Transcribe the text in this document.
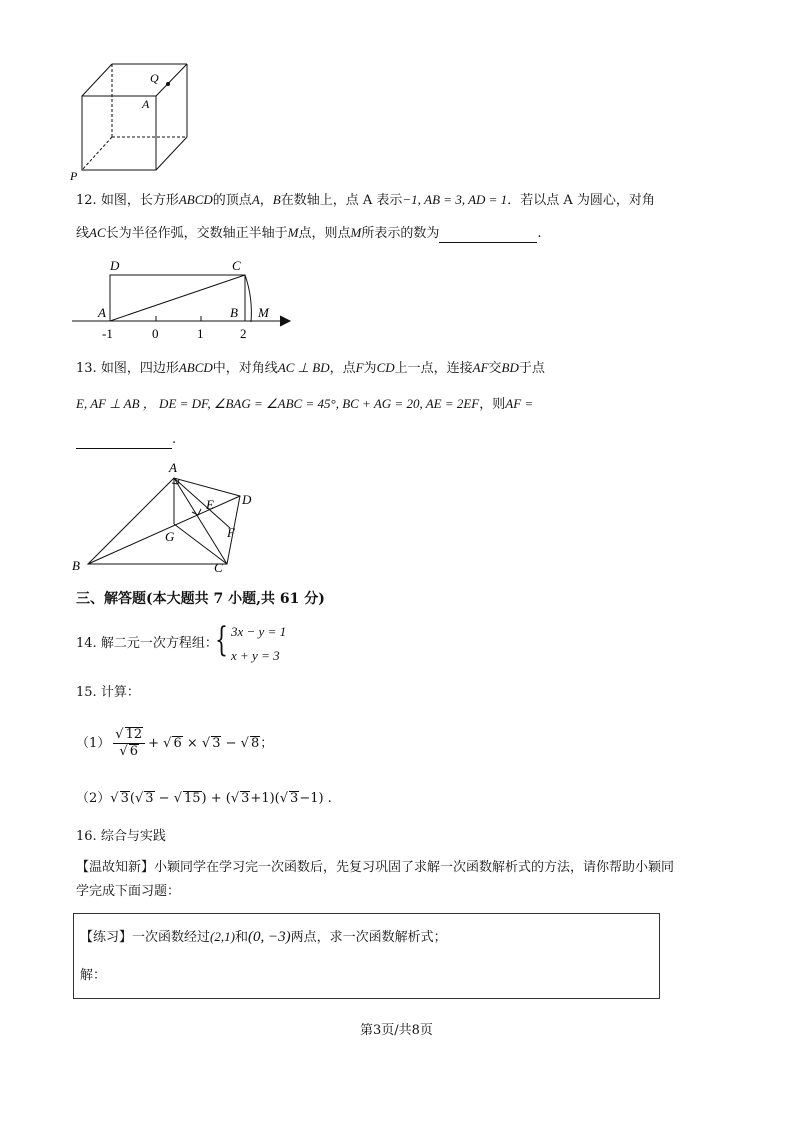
Q
A
P
12. 如图，长方形ABCD的顶点A，B在数轴上，点 A 表示−1, AB = 3, AD = 1．若以点 A 为圆心，对角
线AC长为半径作弧，交数轴正半轴于M点，则点M所表示的数为	.
D	C
A	B M
-1	0	1	2
13. 如图，四边形ABCD中，对角线AC ⊥ BD，点F为CD上一点，连接AF交BD于点
E, AF ⊥ AB ， DE = DF, ∠BAG = ∠ABC = 45°, BC + AG = 20, AE = 2EF，则AF =
.
A
B	C
D
E
F
G
三、解答题(本大题共 7 小题,共 61 分)
14. 解二元一次方程组：
{ 3x − y = 1
x + y = 3
15. 计算：
$(1) \frac{√ 12}{√ 6}$ + √ 6 × √ 3 − √ 8；
（2）√ 3(√ 3 − √ 15) + (√ 3+1)(√ 3−1) .
16. 综合与实践
【温故知新】小颖同学在学习完一次函数后，先复习巩固了求解一次函数解析式的方法，请你帮助小颖同
学完成下面习题：
【练习】一次函数经过(2,1)和(0, −3)两点，求一次函数解析式；
解：
第3页/共8页
